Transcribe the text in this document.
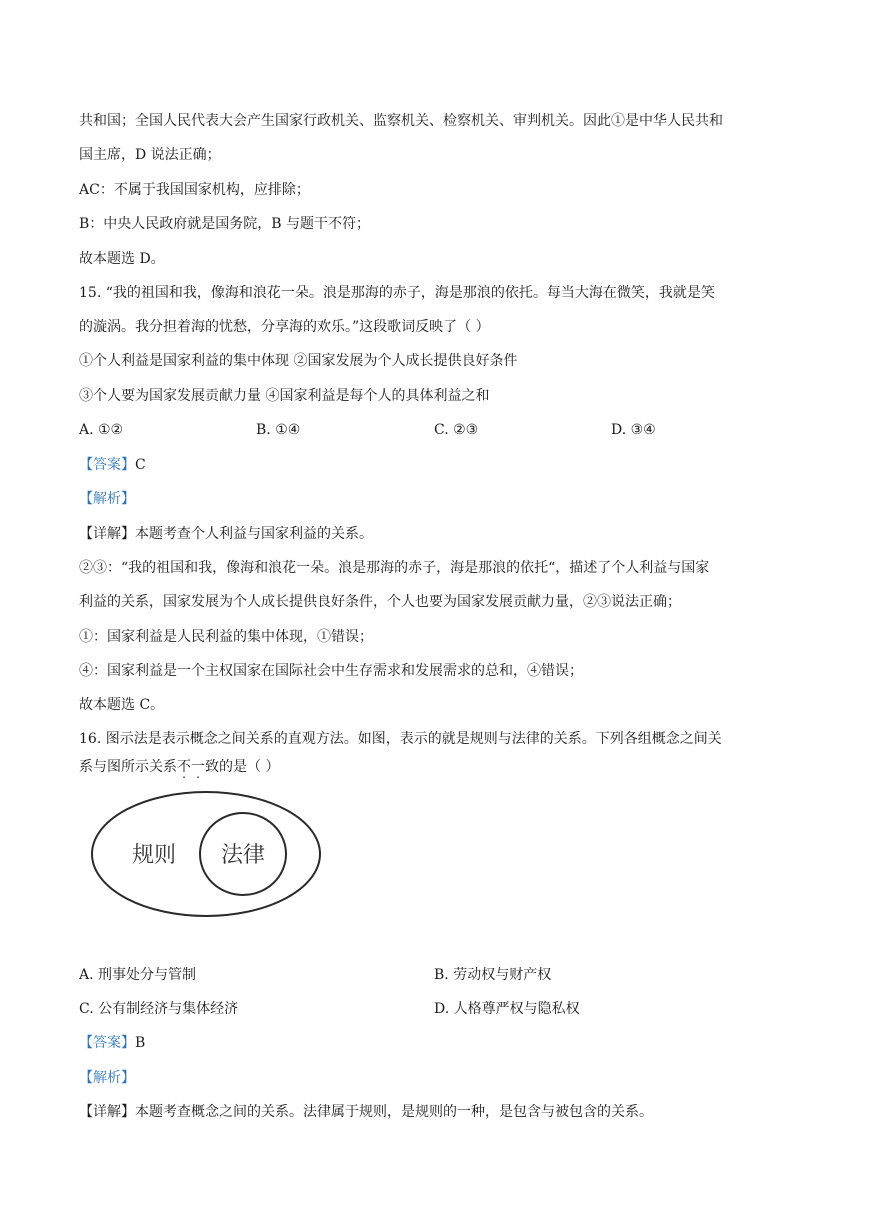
共和国；全国人民代表大会产生国家行政机关、监察机关、检察机关、审判机关。因此①是中华人民共和
国主席，D 说法正确；
AC：不属于我国国家机构，应排除；
B：中央人民政府就是国务院，B 与题干不符；
故本题选 D。
15. “我的祖国和我，像海和浪花一朵。浪是那海的赤子，海是那浪的依托。每当大海在微笑，我就是笑
的漩涡。我分担着海的忧愁，分享海的欢乐。”这段歌词反映了（ ）
①个人利益是国家利益的集中体现 ②国家发展为个人成长提供良好条件
③个人要为国家发展贡献力量 ④国家利益是每个人的具体利益之和
A. ①②	B. ①④	C. ②③	D. ③④
【答案】C
【解析】
【详解】本题考查个人利益与国家利益的关系。
②③：“我的祖国和我，像海和浪花一朵。浪是那海的赤子，海是那浪的依托“，描述了个人利益与国家
利益的关系，国家发展为个人成长提供良好条件，个人也要为国家发展贡献力量，②③说法正确；
①：国家利益是人民利益的集中体现，①错误；
④：国家利益是一个主权国家在国际社会中生存需求和发展需求的总和，④错误；
故本题选 C。
16. 图示法是表示概念之间关系的直观方法。如图，表示的就是规则与法律的关系。下列各组概念之间关
系与图所示关系不一致的是（ ）
规则 法律
A. 刑事处分与管制	B. 劳动权与财产权
C. 公有制经济与集体经济	D. 人格尊严权与隐私权
【答案】B
【解析】
【详解】本题考查概念之间的关系。法律属于规则，是规则的一种，是包含与被包含的关系。
